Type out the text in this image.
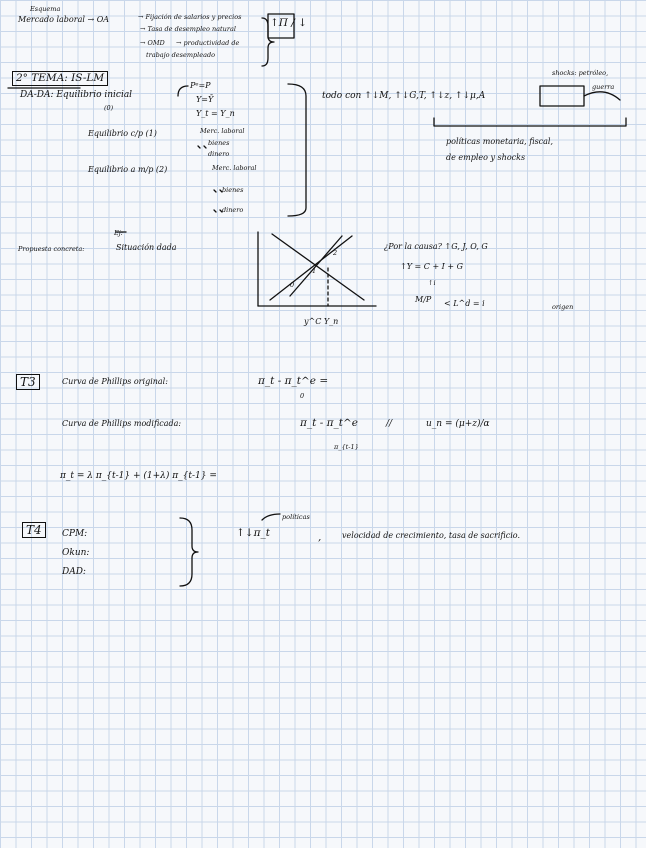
Esquema
Mercado laboral → OA	→ Fijación de salarios y precios
→ Tasa de desempleo natural
→ OMD → productividad de
trabajo desempleado
↑Π / ↓
2° TEMA: IS-LM
DA-DA: Equilibrio inicial
(0)
Pᵉ=P
Y=Ȳ
Y_t = Y_n
Equilibrio c/p (1)	Merc. laboral
bienes
dinero
Equilibrio a m/p (2)	Merc. laboral
bienes
dinero
todo con ↑↓M, ↑↓G,T, ↑↓z, ↑↓μ,A
shocks: petróleo,
guerra
políticas monetaria, fiscal,
de empleo y shocks
Ej:
Propuesta concreta:	Situación dada	¿Por la causa? ↑G, J, O, G
↑Y = C + I + G
↑i
< L^d = i	origen
M/P
y^C Y_n
1
2
0
T3	Curva de Phillips original:	π_t - π_t^e =
0
Curva de Phillips modificada:	π_t - π_t^e	//	u_n = (μ+z)/α
π_{t-1}
π_t = λ π_{t-1} + (1+λ) π_{t-1} =
T4	CPM:
Okun:
DAD:
políticas
↑↓π_t	,	velocidad de crecimiento, tasa de sacrificio.
